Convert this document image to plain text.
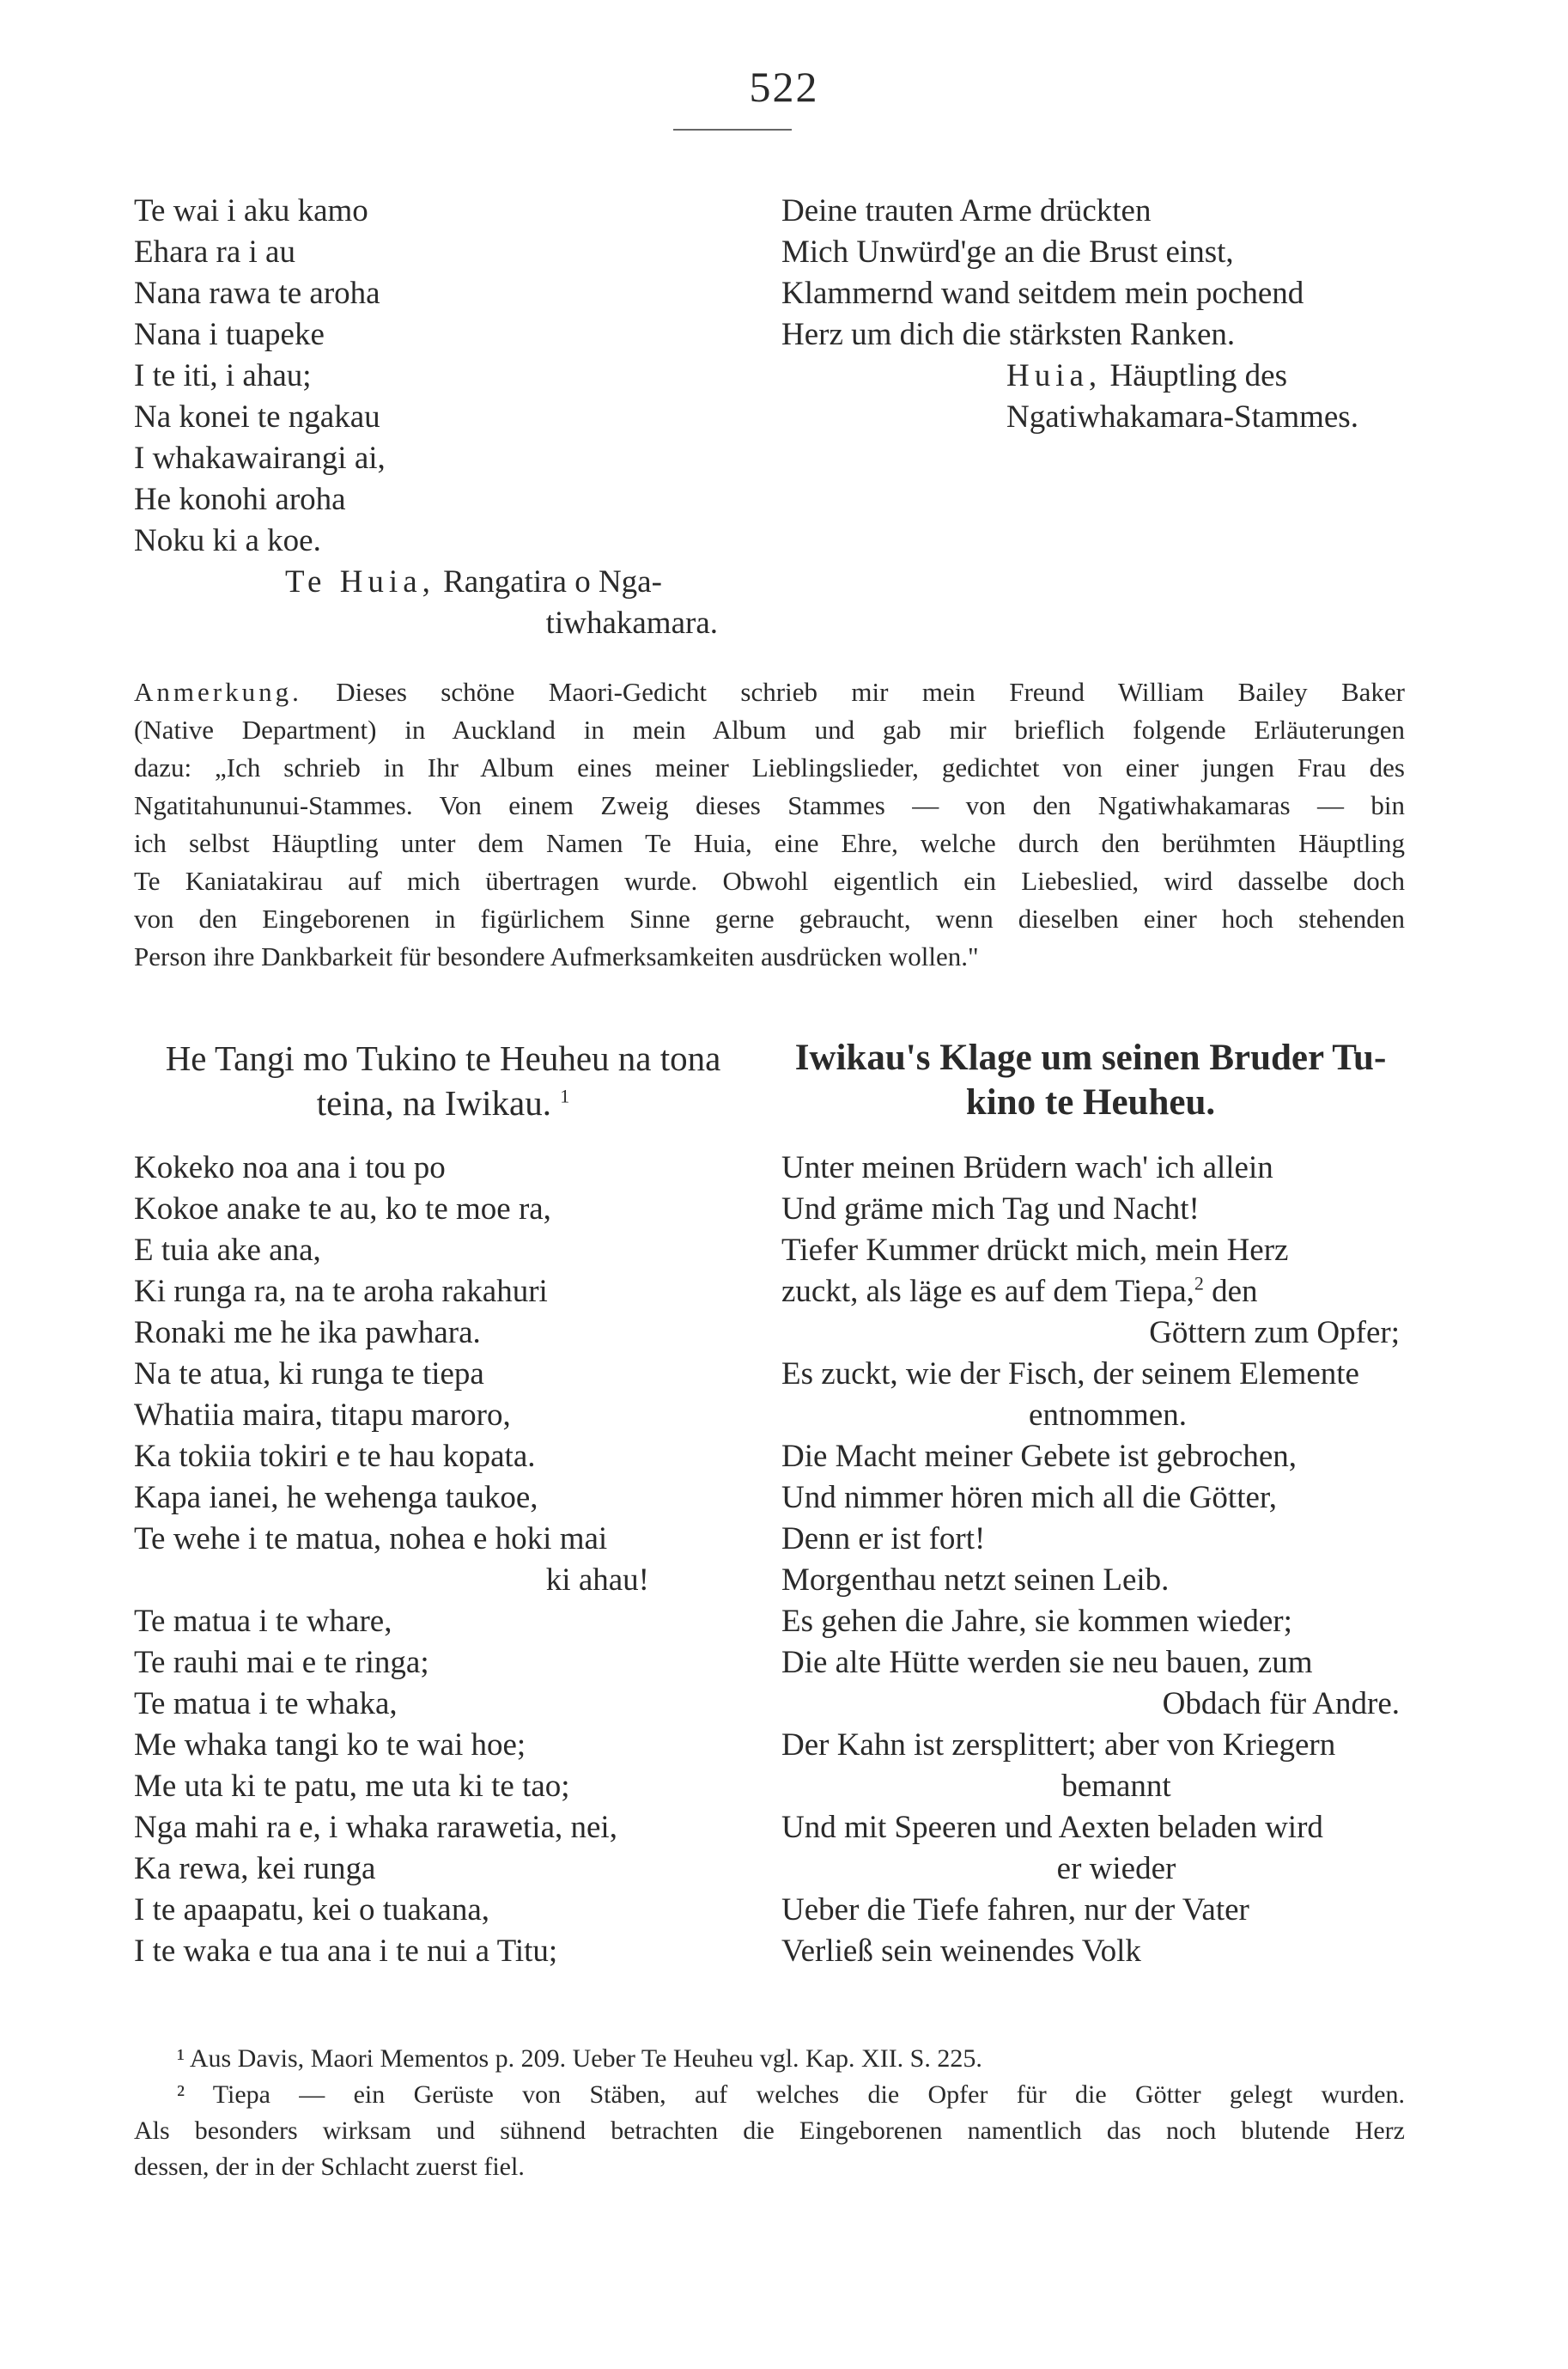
522
Te wai i aku kamo
Ehara ra i au
Nana rawa te aroha
Nana i tuapeke
I te iti, i ahau;
Na konei te ngakau
I whakawairangi ai,
He konohi aroha
Noku ki a koe.
Te Huia, Rangatira o Nga-
tiwhakamara.
Deine trauten Arme drückten
Mich Unwürd'ge an die Brust einst,
Klammernd wand seitdem mein pochend
Herz um dich die stärksten Ranken.
Huia, Häuptling des
Ngatiwhakamara-Stammes.
Anmerkung. Dieses schöne Maori-Gedicht schrieb mir mein Freund William Bailey Baker
(Native Department) in Auckland in mein Album und gab mir brieflich folgende Erläuterungen
dazu: „Ich schrieb in Ihr Album eines meiner Lieblingslieder, gedichtet von einer jungen Frau des
Ngatitahununui-Stammes. Von einem Zweig dieses Stammes — von den Ngatiwhakamaras — bin
ich selbst Häuptling unter dem Namen Te Huia, eine Ehre, welche durch den berühmten Häuptling
Te Kaniatakirau auf mich übertragen wurde. Obwohl eigentlich ein Liebeslied, wird dasselbe doch
von den Eingeborenen in figürlichem Sinne gerne gebraucht, wenn dieselben einer hoch stehenden
Person ihre Dankbarkeit für besondere Aufmerksamkeiten ausdrücken wollen."
He Tangi mo Tukino te Heuheu na tona
teina, na Iwikau. $^1$
Iwikau's Klage um seinen Bruder Tu-
kino te Heuheu.
Kokeko noa ana i tou po
Kokoe anake te au, ko te moe ra,
E tuia ake ana,
Ki runga ra, na te aroha rakahuri
Ronaki me he ika pawhara.
Na te atua, ki runga te tiepa
Whatiia maira, titapu maroro,
Ka tokiia tokiri e te hau kopata.
Kapa ianei, he wehenga taukoe,
Te wehe i te matua, nohea e hoki mai
ki ahau!
Te matua i te whare,
Te rauhi mai e te ringa;
Te matua i te whaka,
Me whaka tangi ko te wai hoe;
Me uta ki te patu, me uta ki te tao;
Nga mahi ra e, i whaka rarawetia, nei,
Ka rewa, kei runga
I te apaapatu, kei o tuakana,
I te waka e tua ana i te nui a Titu;
Unter meinen Brüdern wach' ich allein
Und gräme mich Tag und Nacht!
Tiefer Kummer drückt mich, mein Herz
zuckt, als läge es auf dem Tiepa,$^2$ den
Göttern zum Opfer;
Es zuckt, wie der Fisch, der seinem Elemente
entnommen.
Die Macht meiner Gebete ist gebrochen,
Und nimmer hören mich all die Götter,
Denn er ist fort!
Morgenthau netzt seinen Leib.
Es gehen die Jahre, sie kommen wieder;
Die alte Hütte werden sie neu bauen, zum
Obdach für Andre.
Der Kahn ist zersplittert; aber von Kriegern
bemannt
Und mit Speeren und Aexten beladen wird
er wieder
Ueber die Tiefe fahren, nur der Vater
Verließ sein weinendes Volk
¹ Aus Davis, Maori Mementos p. 209. Ueber Te Heuheu vgl. Kap. XII. S. 225.
² Tiepa — ein Gerüste von Stäben, auf welches die Opfer für die Götter gelegt wurden.
Als besonders wirksam und sühnend betrachten die Eingeborenen namentlich das noch blutende Herz
dessen, der in der Schlacht zuerst fiel.
